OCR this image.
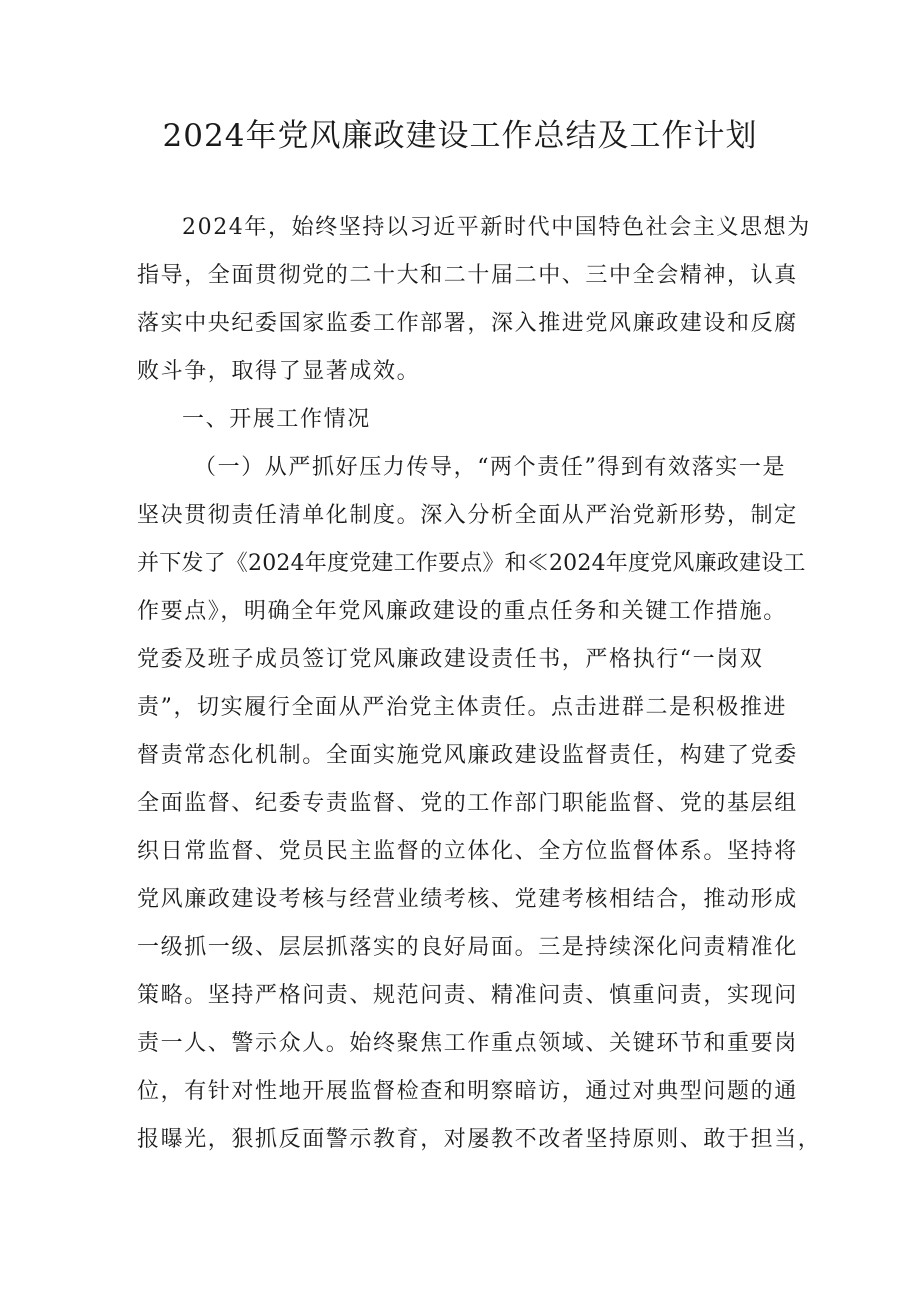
2024年党风廉政建设工作总结及工作计划

2024年，始终坚持以习近平新时代中国特色社会主义思想为

指导，全面贯彻党的二十大和二十届二中、三中全会精神，认真

落实中央纪委国家监委工作部署，深入推进党风廉政建设和反腐

败斗争，取得了显著成效。

一、开展工作情况

（一）从严抓好压力传导，“两个责任”得到有效落实一是

坚决贯彻责任清单化制度。深入分析全面从严治党新形势，制定

并下发了《2024年度党建工作要点》和≪2024年度党风廉政建设工

作要点》，明确全年党风廉政建设的重点任务和关键工作措施。

党委及班子成员签订党风廉政建设责任书，严格执行“一岗双

责”，切实履行全面从严治党主体责任。点击进群二是积极推进

督责常态化机制。全面实施党风廉政建设监督责任，构建了党委

全面监督、纪委专责监督、党的工作部门职能监督、党的基层组

织日常监督、党员民主监督的立体化、全方位监督体系。坚持将

党风廉政建设考核与经营业绩考核、党建考核相结合，推动形成

一级抓一级、层层抓落实的良好局面。三是持续深化问责精准化

策略。坚持严格问责、规范问责、精准问责、慎重问责，实现问

责一人、警示众人。始终聚焦工作重点领域、关键环节和重要岗

位，有针对性地开展监督检查和明察暗访，通过对典型问题的通

报曝光，狠抓反面警示教育，对屡教不改者坚持原则、敢于担当，
